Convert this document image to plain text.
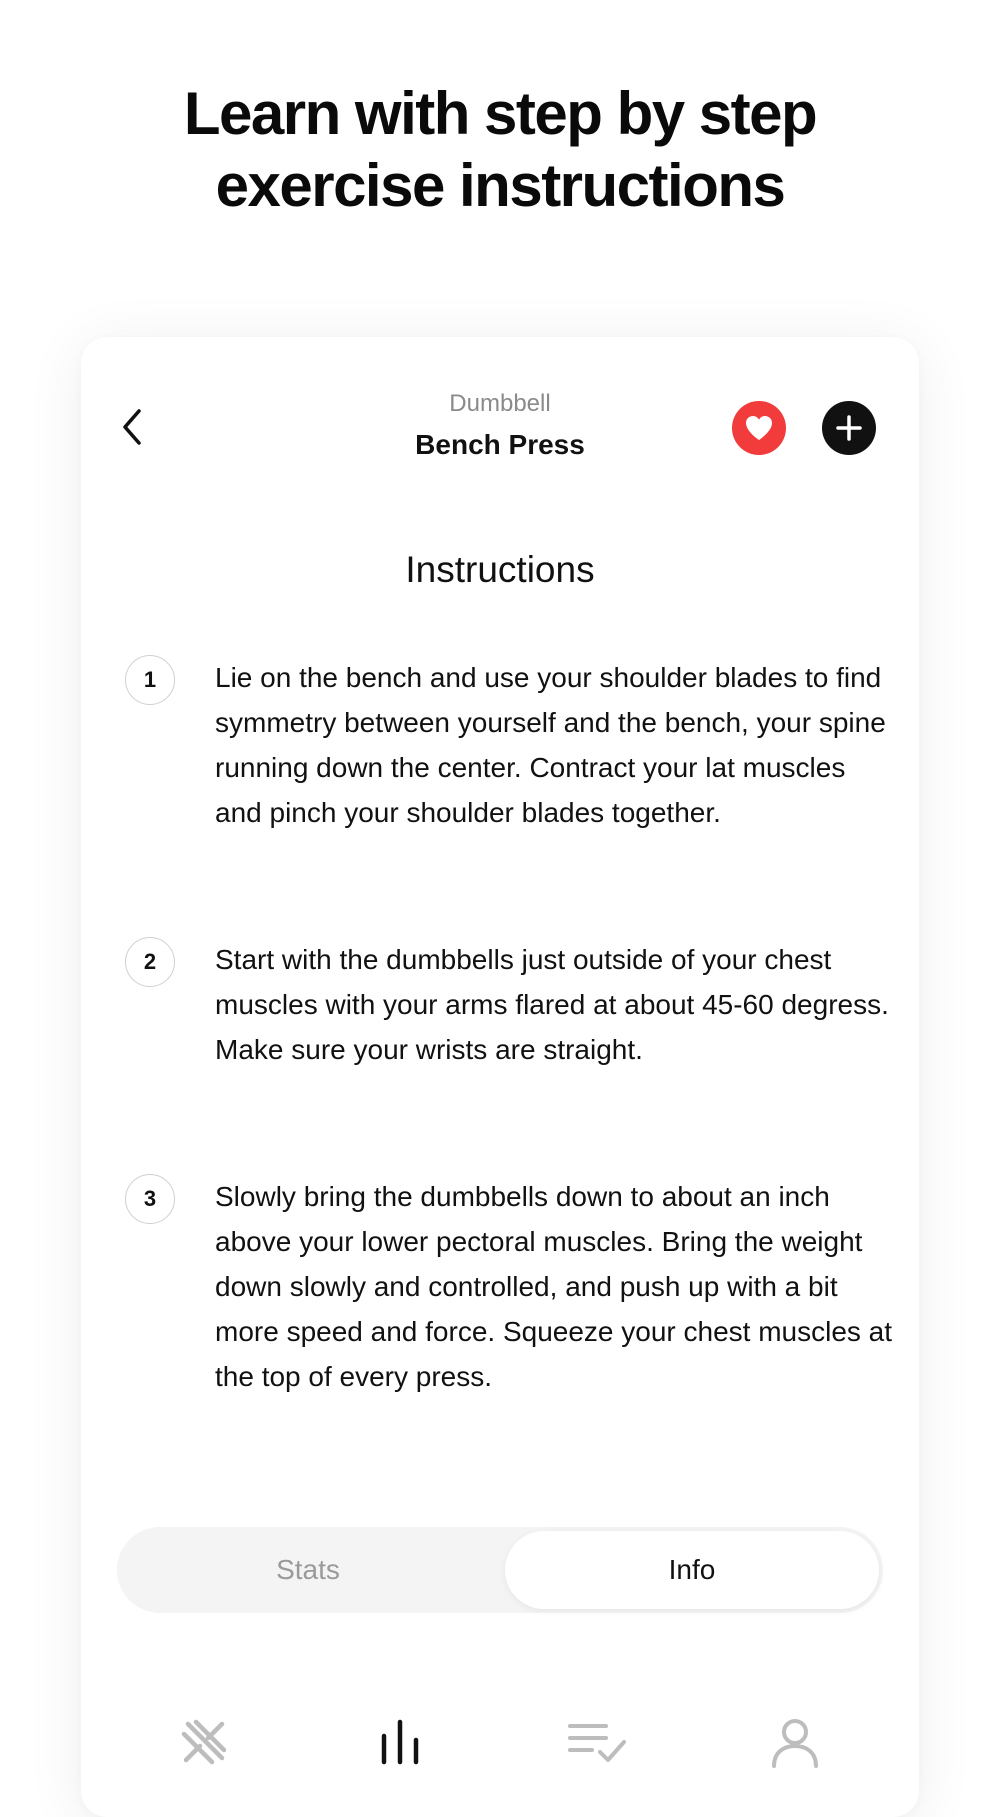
Learn with step by step
exercise instructions
Dumbbell
Bench Press
Instructions
1	Lie on the bench and use your shoulder blades to find symmetry between yourself and the bench, your spine running down the center. Contract your lat muscles and pinch your shoulder blades together.
2	Start with the dumbbells just outside of your chest muscles with your arms flared at about 45-60 degress. Make sure your wrists are straight.
3	Slowly bring the dumbbells down to about an inch above your lower pectoral muscles. Bring the weight down slowly and controlled, and push up with a bit more speed and force. Squeeze your chest muscles at the top of every press.
Stats	Info
